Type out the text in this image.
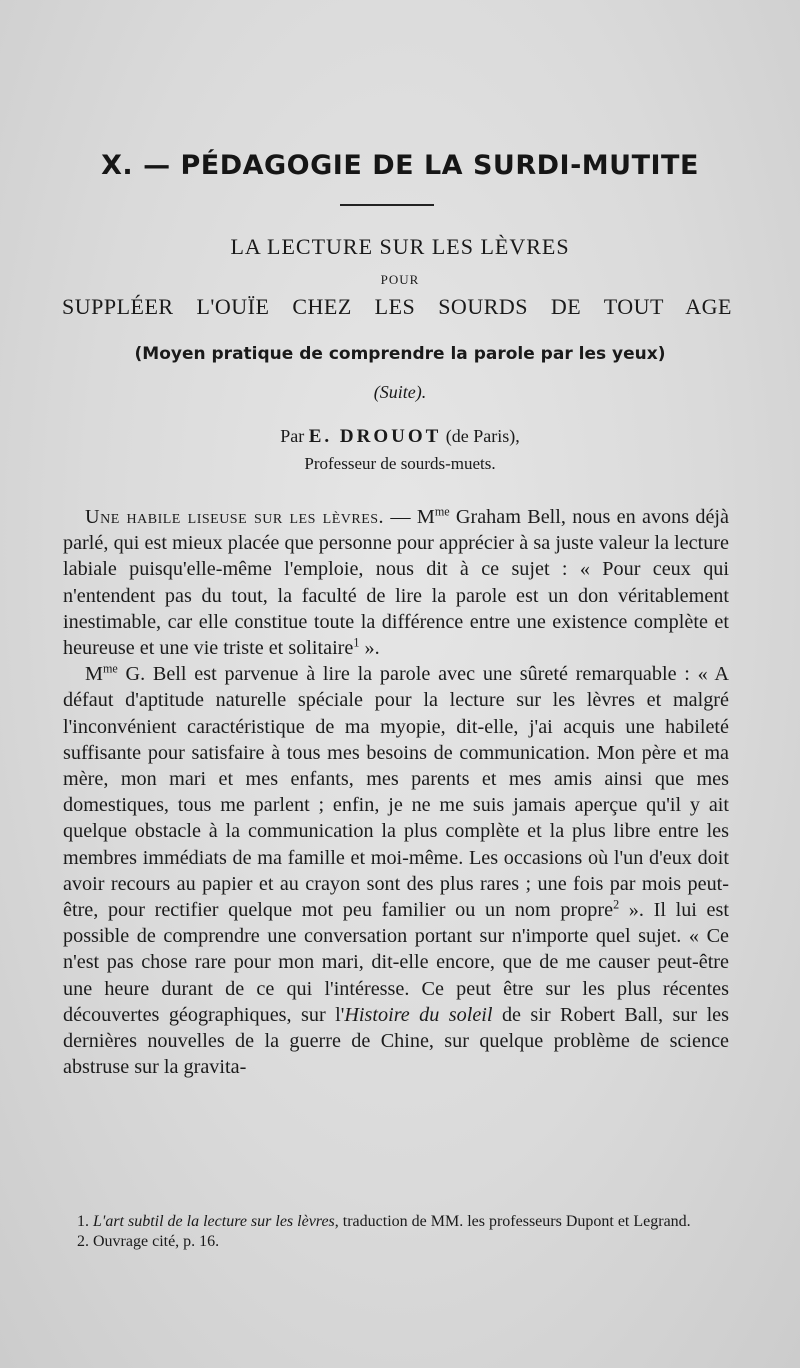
X. — PÉDAGOGIE DE LA SURDI-MUTITE
LA LECTURE SUR LES LÈVRES
POUR
SUPPLÉER L'OUÏE CHEZ LES SOURDS DE TOUT AGE
(Moyen pratique de comprendre la parole par les yeux)
(Suite).
Par E. DROUOT (de Paris),
Professeur de sourds-muets.

Une habile liseuse sur les lèvres. — $M^{me}$ Graham Bell, nous en avons déjà parlé, qui est mieux placée que personne pour apprécier à sa juste valeur la lecture labiale puisqu'elle-même l'emploie, nous dit à ce sujet : « Pour ceux qui n'entendent pas du tout, la faculté de lire la parole est un don véritablement inestimable, car elle constitue toute la différence entre une existence complète et heureuse et une vie triste et solitaire$^1$ ».

$M^{me}$ G. Bell est parvenue à lire la parole avec une sûreté remarquable : « A défaut d'aptitude naturelle spéciale pour la lecture sur les lèvres et malgré l'inconvénient caractéristique de ma myopie, dit-elle, j'ai acquis une habileté suffisante pour satisfaire à tous mes besoins de communication. Mon père et ma mère, mon mari et mes enfants, mes parents et mes amis ainsi que mes domestiques, tous me parlent ; enfin, je ne me suis jamais aperçue qu'il y ait quelque obstacle à la communication la plus complète et la plus libre entre les membres immédiats de ma famille et moi-même. Les occasions où l'un d'eux doit avoir recours au papier et au crayon sont des plus rares ; une fois par mois peut-être, pour rectifier quelque mot peu familier ou un nom propre$^2$ ». Il lui est possible de comprendre une conversation portant sur n'importe quel sujet. « Ce n'est pas chose rare pour mon mari, dit-elle encore, que de me causer peut-être une heure durant de ce qui l'intéresse. Ce peut être sur les plus récentes découvertes géographiques, sur l'Histoire du soleil de sir Robert Ball, sur les dernières nouvelles de la guerre de Chine, sur quelque problème de science abstruse sur la gravita-

1. L'art subtil de la lecture sur les lèvres, traduction de MM. les professeurs Dupont et Legrand.

2. Ouvrage cité, p. 16.
